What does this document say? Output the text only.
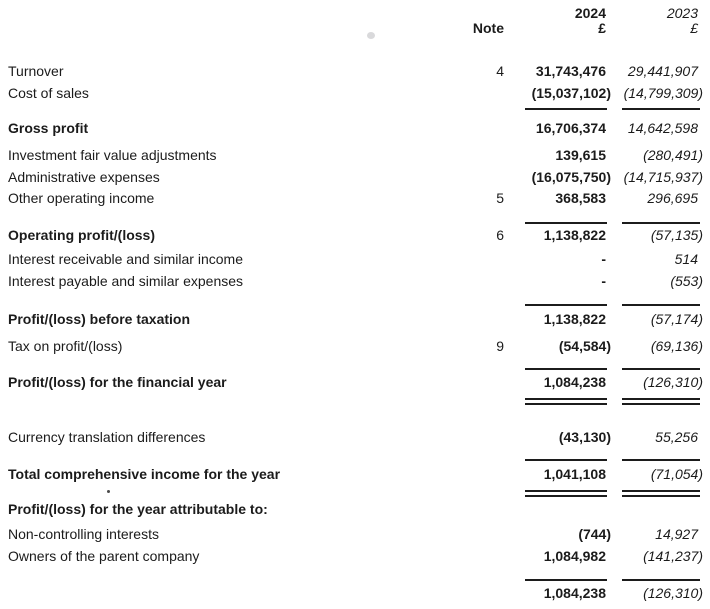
2024	2023
Note	£	£
Turnover	4	31,743,476	29,441,907
Cost of sales	(15,037,102) (14,799,309)
Gross profit	16,706,374	14,642,598
Investment fair value adjustments	139,615	(280,491)
Administrative expenses	(16,075,750) (14,715,937)
Other operating income	5	368,583	296,695
Operating profit/(loss)	6	1,138,822	(57,135)
Interest receivable and similar income	-	514
Interest payable and similar expenses	-	(553)
Profit/(loss) before taxation	1,138,822	(57,174)
Tax on profit/(loss)	9	(54,584)	(69,136)
Profit/(loss) for the financial year	1,084,238	(126,310)
Currency translation differences	(43,130)	55,256
Total comprehensive income for the year	1,041,108	(71,054)
Profit/(loss) for the year attributable to:
Non-controlling interests	(744)	14,927
Owners of the parent company	1,084,982	(141,237)
1,084,238	(126,310)
